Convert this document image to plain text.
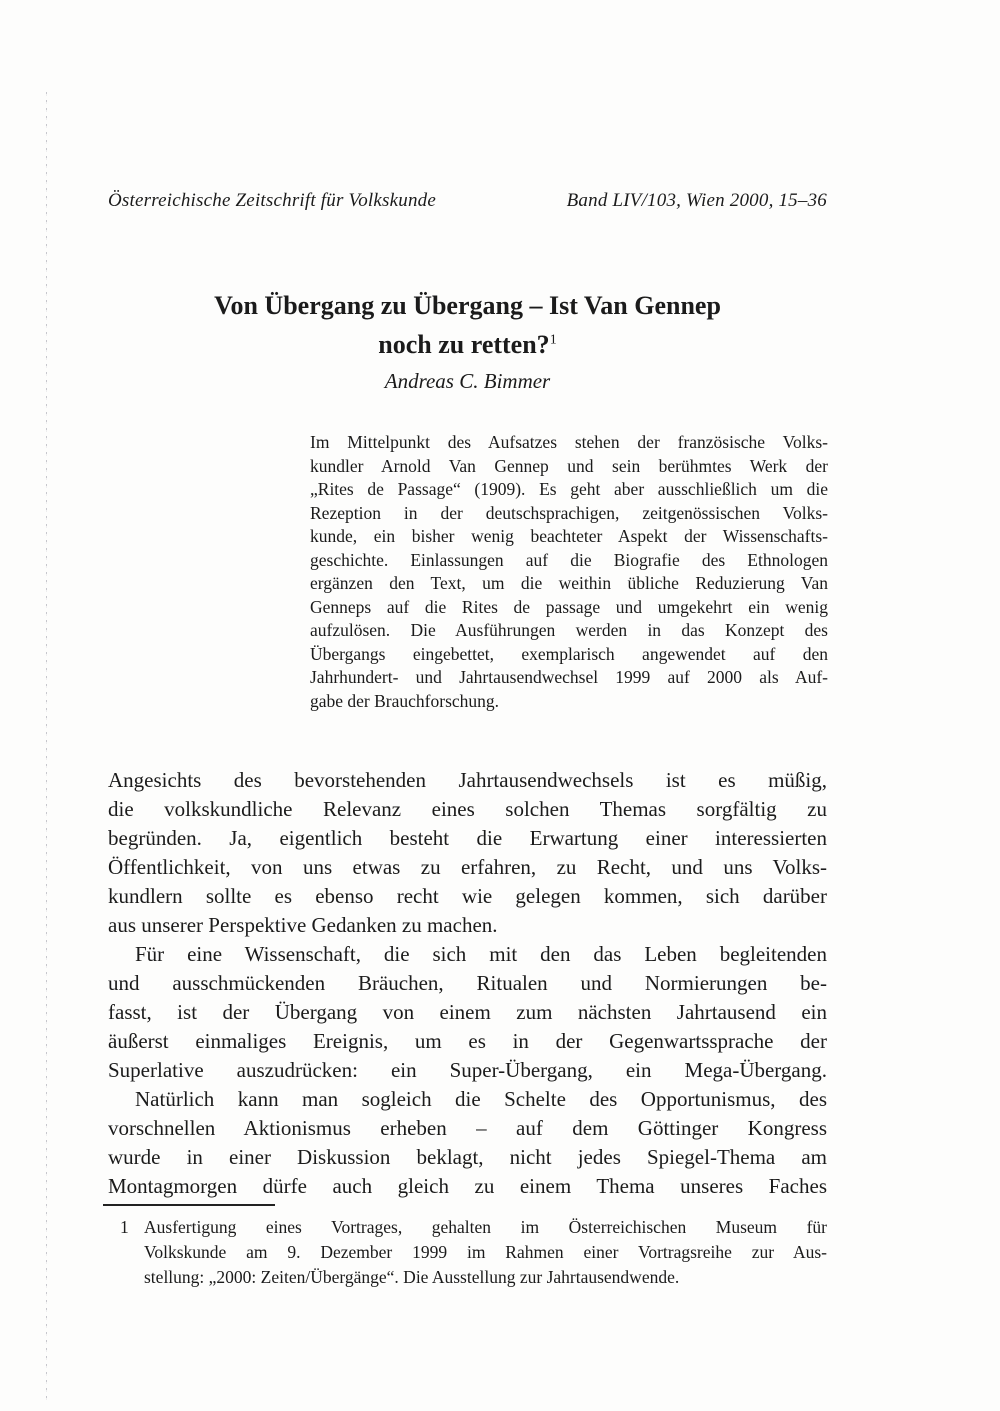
Österreichische Zeitschrift für Volkskunde	Band LIV/103, Wien 2000, 15–36
Von Übergang zu Übergang – Ist Van Gennep
noch zu retten?$^1$
Andreas C. Bimmer
Im Mittelpunkt des Aufsatzes stehen der französische Volks-
kundler Arnold Van Gennep und sein berühmtes Werk der
„Rites de Passage“ (1909). Es geht aber ausschließlich um die
Rezeption in der deutschsprachigen, zeitgenössischen Volks-
kunde, ein bisher wenig beachteter Aspekt der Wissenschafts-
geschichte. Einlassungen auf die Biografie des Ethnologen
ergänzen den Text, um die weithin übliche Reduzierung Van
Genneps auf die Rites de passage und umgekehrt ein wenig
aufzulösen. Die Ausführungen werden in das Konzept des
Übergangs eingebettet, exemplarisch angewendet auf den
Jahrhundert- und Jahrtausendwechsel 1999 auf 2000 als Auf-
gabe der Brauchforschung.
Angesichts des bevorstehenden Jahrtausendwechsels ist es müßig,
die volkskundliche Relevanz eines solchen Themas sorgfältig zu
begründen. Ja, eigentlich besteht die Erwartung einer interessierten
Öffentlichkeit, von uns etwas zu erfahren, zu Recht, und uns Volks-
kundlern sollte es ebenso recht wie gelegen kommen, sich darüber
aus unserer Perspektive Gedanken zu machen.
Für eine Wissenschaft, die sich mit den das Leben begleitenden
und ausschmückenden Bräuchen, Ritualen und Normierungen be-
fasst, ist der Übergang von einem zum nächsten Jahrtausend ein
äußerst einmaliges Ereignis, um es in der Gegenwartssprache der
Superlative auszudrücken: ein Super-Übergang, ein Mega-Übergang.
Natürlich kann man sogleich die Schelte des Opportunismus, des
vorschnellen Aktionismus erheben – auf dem Göttinger Kongress
wurde in einer Diskussion beklagt, nicht jedes Spiegel-Thema am
Montagmorgen dürfe auch gleich zu einem Thema unseres Faches
1 Ausfertigung eines Vortrages, gehalten im Österreichischen Museum für
Volkskunde am 9. Dezember 1999 im Rahmen einer Vortragsreihe zur Aus-
stellung: „2000: Zeiten/Übergänge“. Die Ausstellung zur Jahrtausendwende.
